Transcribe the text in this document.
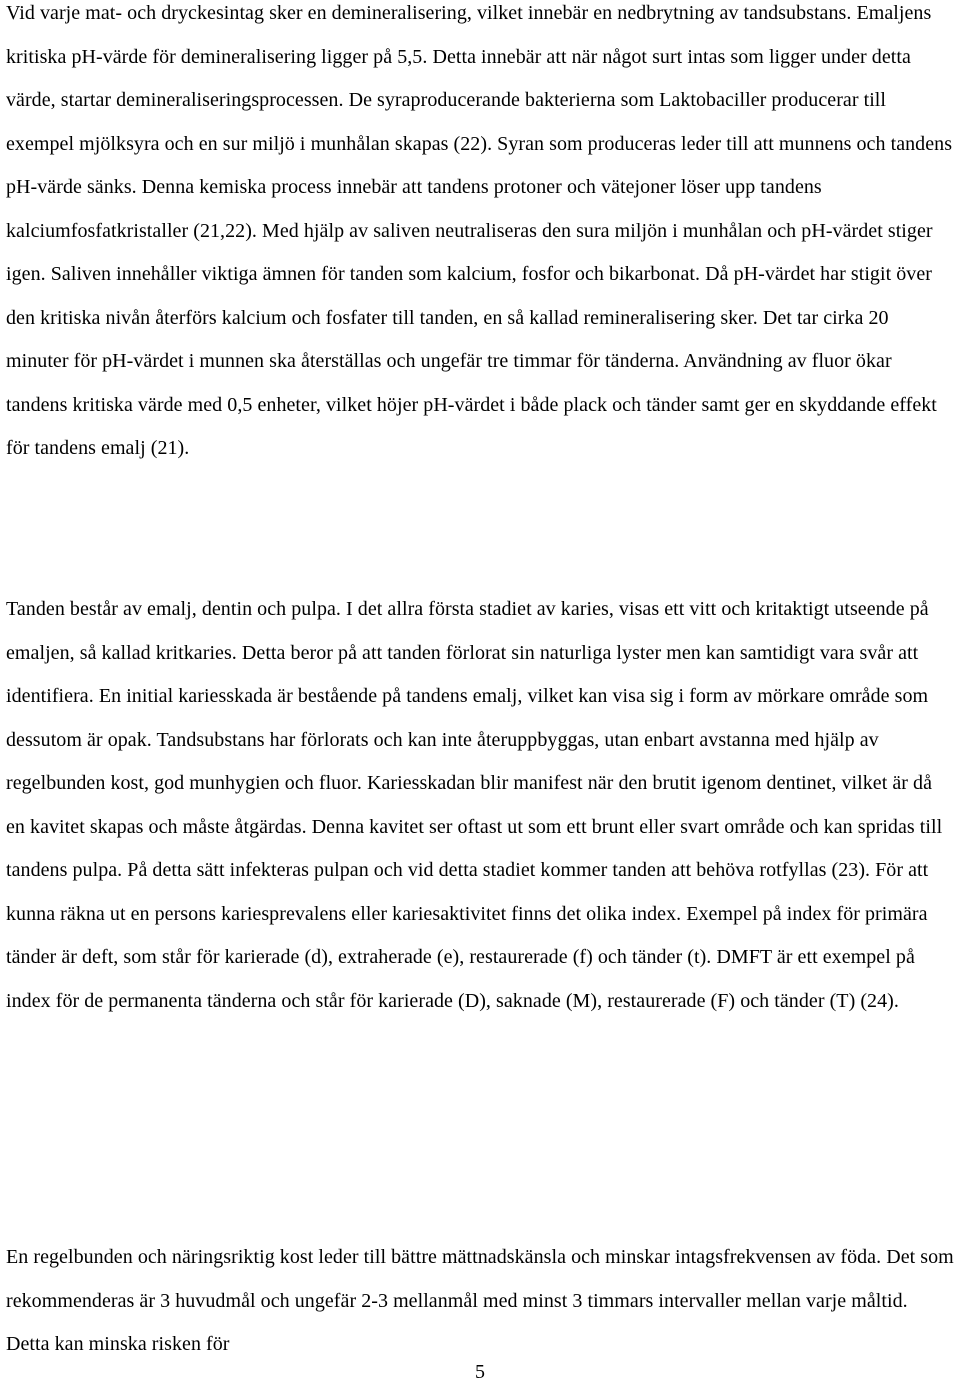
Vid varje mat- och dryckesintag sker en demineralisering, vilket innebär en nedbrytning av tandsubstans. Emaljens kritiska pH-värde för demineralisering ligger på 5,5. Detta innebär att när något surt intas som ligger under detta värde, startar demineraliseringsprocessen. De syraproducerande bakterierna som Laktobaciller producerar till exempel mjölksyra och en sur miljö i munhålan skapas (22). Syran som produceras leder till att munnens och tandens pH-värde sänks. Denna kemiska process innebär att tandens protoner och vätejoner löser upp tandens kalciumfosfatkristaller (21,22). Med hjälp av saliven neutraliseras den sura miljön i munhålan och pH-värdet stiger igen. Saliven innehåller viktiga ämnen för tanden som kalcium, fosfor och bikarbonat. Då pH-värdet har stigit över den kritiska nivån återförs kalcium och fosfater till tanden, en så kallad remineralisering sker. Det tar cirka 20 minuter för pH-värdet i munnen ska återställas och ungefär tre timmar för tänderna. Användning av fluor ökar tandens kritiska värde med 0,5 enheter, vilket höjer pH-värdet i både plack och tänder samt ger en skyddande effekt för tandens emalj (21).

Tanden består av emalj, dentin och pulpa. I det allra första stadiet av karies, visas ett vitt och kritaktigt utseende på emaljen, så kallad kritkaries. Detta beror på att tanden förlorat sin naturliga lyster men kan samtidigt vara svår att identifiera. En initial kariesskada är bestående på tandens emalj, vilket kan visa sig i form av mörkare område som dessutom är opak. Tandsubstans har förlorats och kan inte återuppbyggas, utan enbart avstanna med hjälp av regelbunden kost, god munhygien och fluor. Kariesskadan blir manifest när den brutit igenom dentinet, vilket är då en kavitet skapas och måste åtgärdas. Denna kavitet ser oftast ut som ett brunt eller svart område och kan spridas till tandens pulpa. På detta sätt infekteras pulpan och vid detta stadiet kommer tanden att behöva rotfyllas (23). För att kunna räkna ut en persons kariesprevalens eller kariesaktivitet finns det olika index. Exempel på index för primära tänder är deft, som står för karierade (d), extraherade (e), restaurerade (f) och tänder (t). DMFT är ett exempel på index för de permanenta tänderna och står för karierade (D), saknade (M), restaurerade (F) och tänder (T) (24).

En regelbunden och näringsriktig kost leder till bättre mättnadskänsla och minskar intagsfrekvensen av föda. Det som rekommenderas är 3 huvudmål och ungefär 2-3 mellanmål med minst 3 timmars intervaller mellan varje måltid. Detta kan minska risken för

5
